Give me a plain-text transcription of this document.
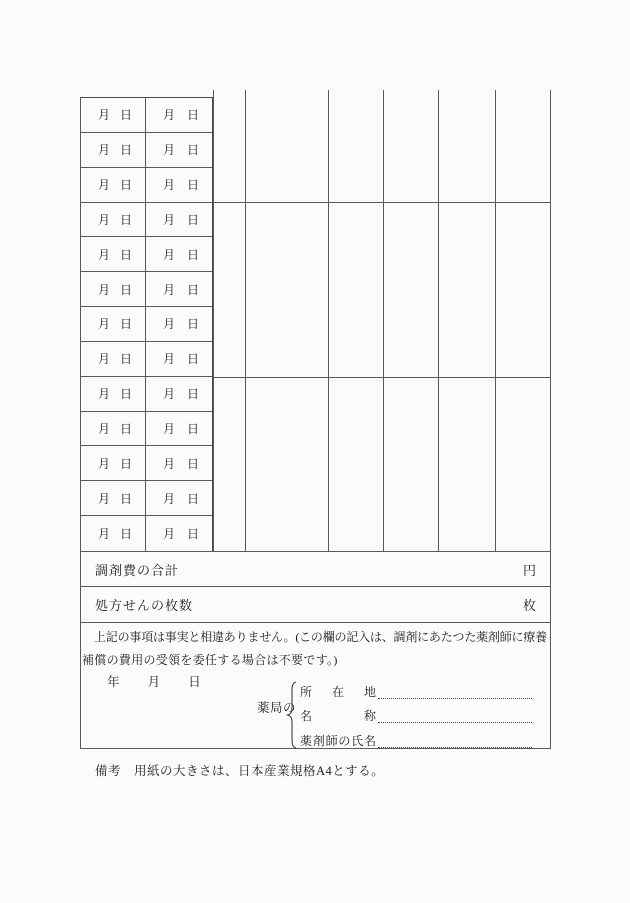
月 日	月 日
月 日	月 日
月 日	月 日
月 日	月 日
月 日	月 日
月 日	月 日
月 日	月 日
月 日	月 日
月 日	月 日
月 日	月 日
月 日	月 日
月 日	月 日
月 日	月 日
調剤費の合計	円
処方せんの枚数	枚
上記の事項は事実と相違ありません。(この欄の記入は、調剤にあたつた薬剤師に療養
補償の費用の受領を委任する場合は不要です。)
年 月 日
薬局の
所在地
名称
薬剤師の氏名
備考 用紙の大きさは、日本産業規格A4とする。
